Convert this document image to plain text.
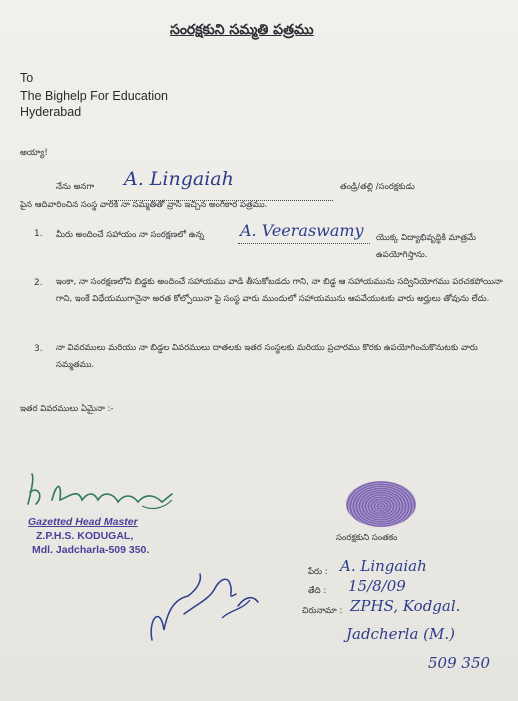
సంరక్షకుని సమ్మతి పత్రము
To
The Bighelp For Education
Hyderabad
అయ్యా!
నేను అనగా A. Lingaiah	తండ్రి/తల్లి /సంరక్షకుడు
పైన ఆదివారించిన సంస్థ వారికి నా సమ్మతితో వ్రాసి ఇచ్చిన అంగీకార పత్రము.
1. మీరు అందించే సహాయం నా సంరక్షణలో ఉన్న A. Veeraswamy యొక్క విద్యాభివృద్ధికి మాత్రమే ఉపయోగిస్తాను.
2. ఇంకా, నా సంరక్షణలోని బిడ్డకు అందించే సహాయము వాడి తీసుకోబడదు గాని, నా బిడ్డ ఆ సహాయమును సద్వినియోగము పరచకపోయినా గాని, ఇంకే విధేయముగానైనా అరత కోల్పోయినా పై సంస్థ వారు ముందులో సహాయమును ఆపవేయుటకు వారు అర్హులు తోవును లేదు.
3. నా వివరములు మరియు నా బిడ్డల వివరములు దాతలకు ఇతర సంస్థలకు మరియు ప్రచారము కొరకు ఉపయోగించుకొనుటకు వారు సమ్మతము.
ఇతర వివరములు ఏమైనా :-
Gazetted Head Master
Z.P.H.S. KODUGAL,
Mdl. Jadcharla-509 350.
సంరక్షకుని సంతకం
పేరు : A. Lingaiah
తేది : 15/8/09
చిరునామా : ZPHS, Kodgal.
Jadcherla (M.)
509 350
